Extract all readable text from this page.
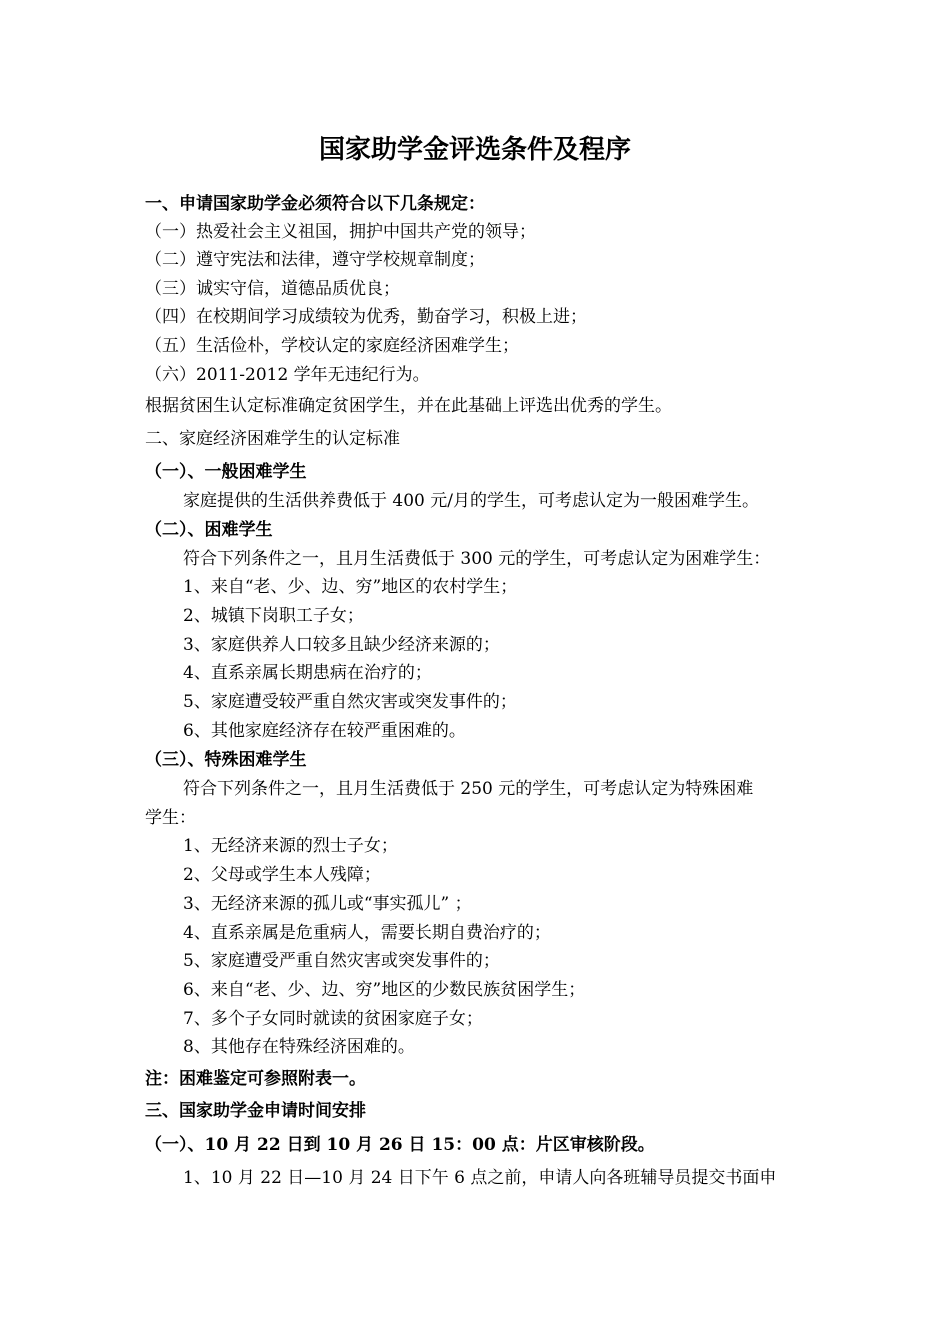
国家助学金评选条件及程序
一、申请国家助学金必须符合以下几条规定：
（一）热爱社会主义祖国，拥护中国共产党的领导；
（二）遵守宪法和法律，遵守学校规章制度；
（三）诚实守信，道德品质优良；
（四）在校期间学习成绩较为优秀，勤奋学习，积极上进；
（五）生活俭朴，学校认定的家庭经济困难学生；
（六）2011-2012 学年无违纪行为。
根据贫困生认定标准确定贫困学生，并在此基础上评选出优秀的学生。
二、家庭经济困难学生的认定标准
（一）、一般困难学生
家庭提供的生活供养费低于 400 元/月的学生，可考虑认定为一般困难学生。
（二）、困难学生
符合下列条件之一，且月生活费低于 300 元的学生，可考虑认定为困难学生：
1、来自“老、少、边、穷”地区的农村学生；
2、城镇下岗职工子女；
3、家庭供养人口较多且缺少经济来源的；
4、直系亲属长期患病在治疗的；
5、家庭遭受较严重自然灾害或突发事件的；
6、其他家庭经济存在较严重困难的。
（三）、特殊困难学生
符合下列条件之一，且月生活费低于 250 元的学生，可考虑认定为特殊困难
学生：
1、无经济来源的烈士子女；
2、父母或学生本人残障；
3、无经济来源的孤儿或“事实孤儿” ；
4、直系亲属是危重病人，需要长期自费治疗的；
5、家庭遭受严重自然灾害或突发事件的；
6、来自“老、少、边、穷”地区的少数民族贫困学生；
7、多个子女同时就读的贫困家庭子女；
8、其他存在特殊经济困难的。
注：困难鉴定可参照附表一。
三、国家助学金申请时间安排
（一）、10 月 22 日到 10 月 26 日 15：00 点：片区审核阶段。
1、10 月 22 日—10 月 24 日下午 6 点之前，申请人向各班辅导员提交书面申
